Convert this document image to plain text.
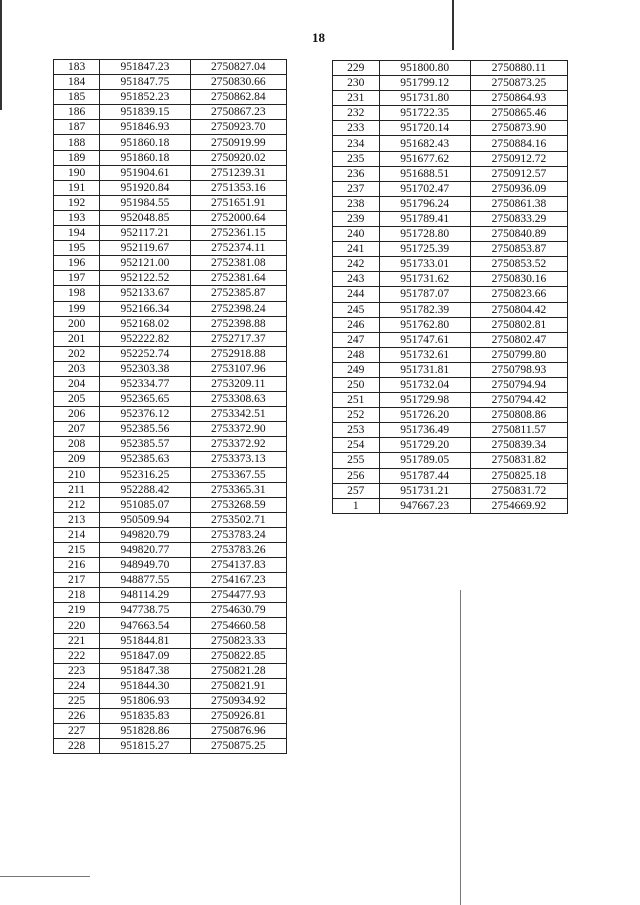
18
183	951847.23	2750827.04
184	951847.75	2750830.66
185	951852.23	2750862.84
186	951839.15	2750867.23
187	951846.93	2750923.70
188	951860.18	2750919.99
189	951860.18	2750920.02
190	951904.61	2751239.31
191	951920.84	2751353.16
192	951984.55	2751651.91
193	952048.85	2752000.64
194	952117.21	2752361.15
195	952119.67	2752374.11
196	952121.00	2752381.08
197	952122.52	2752381.64
198	952133.67	2752385.87
199	952166.34	2752398.24
200	952168.02	2752398.88
201	952222.82	2752717.37
202	952252.74	2752918.88
203	952303.38	2753107.96
204	952334.77	2753209.11
205	952365.65	2753308.63
206	952376.12	2753342.51
207	952385.56	2753372.90
208	952385.57	2753372.92
209	952385.63	2753373.13
210	952316.25	2753367.55
211	952288.42	2753365.31
212	951085.07	2753268.59
213	950509.94	2753502.71
214	949820.79	2753783.24
215	949820.77	2753783.26
216	948949.70	2754137.83
217	948877.55	2754167.23
218	948114.29	2754477.93
219	947738.75	2754630.79
220	947663.54	2754660.58
221	951844.81	2750823.33
222	951847.09	2750822.85
223	951847.38	2750821.28
224	951844.30	2750821.91
225	951806.93	2750934.92
226	951835.83	2750926.81
227	951828.86	2750876.96
228	951815.27	2750875.25
229	951800.80	2750880.11
230	951799.12	2750873.25
231	951731.80	2750864.93
232	951722.35	2750865.46
233	951720.14	2750873.90
234	951682.43	2750884.16
235	951677.62	2750912.72
236	951688.51	2750912.57
237	951702.47	2750936.09
238	951796.24	2750861.38
239	951789.41	2750833.29
240	951728.80	2750840.89
241	951725.39	2750853.87
242	951733.01	2750853.52
243	951731.62	2750830.16
244	951787.07	2750823.66
245	951782.39	2750804.42
246	951762.80	2750802.81
247	951747.61	2750802.47
248	951732.61	2750799.80
249	951731.81	2750798.93
250	951732.04	2750794.94
251	951729.98	2750794.42
252	951726.20	2750808.86
253	951736.49	2750811.57
254	951729.20	2750839.34
255	951789.05	2750831.82
256	951787.44	2750825.18
257	951731.21	2750831.72
1	947667.23	2754669.92
